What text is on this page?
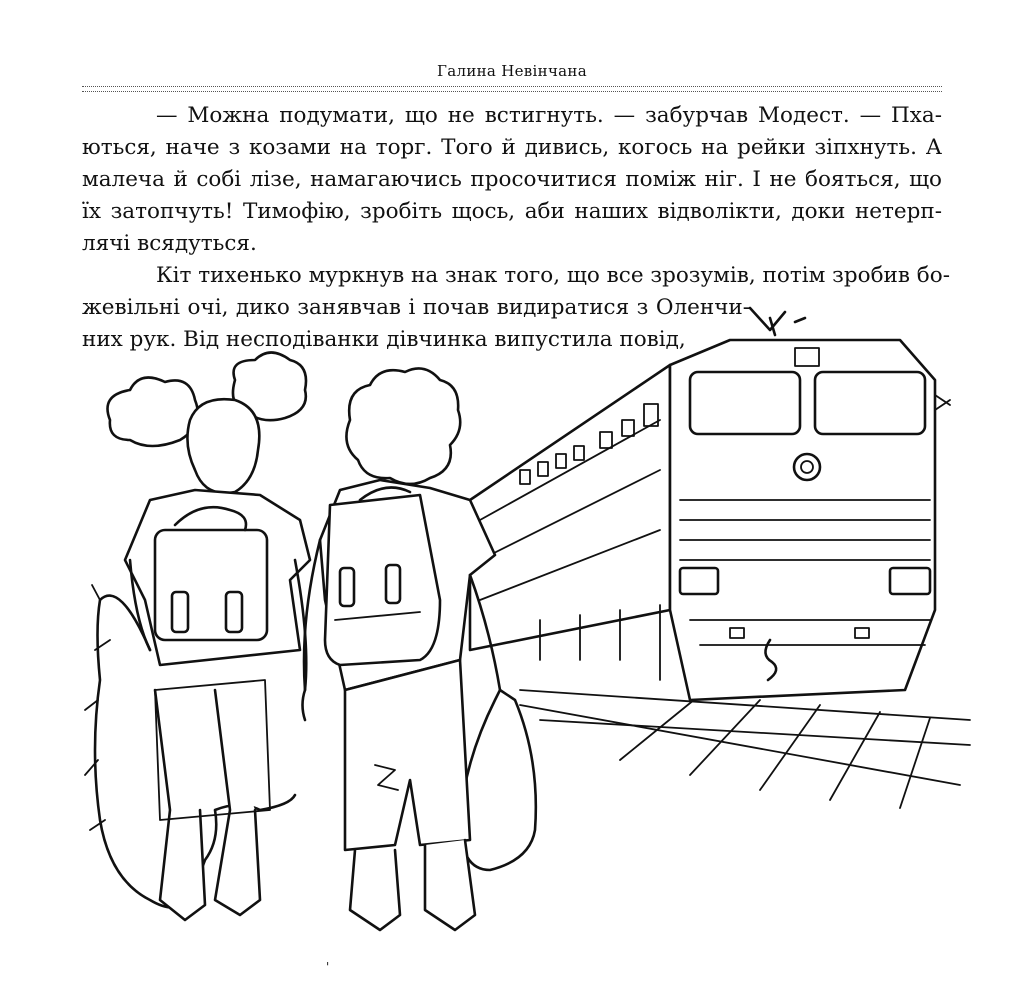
Галина Невінчана
— Можна подумати, що не встигнуть. — забурчав Модест. — Пха-
ються, наче з козами на торг. Того й дивись, когось на рейки зіпхнуть. А
малеча й собі лізе, намагаючись просочитися поміж ніг. І не бояться, що
їх затопчуть! Тимофію, зробіть щось, аби наших відволікти, доки нетерп-
лячі всядуться.
Кіт тихенько муркнув на знак того, що все зрозумів, потім зробив бо-
жевільні очі, дико занявчав і почав видиратися з Оленчи-
них рук. Від несподіванки дівчинка випустила повід,
'
